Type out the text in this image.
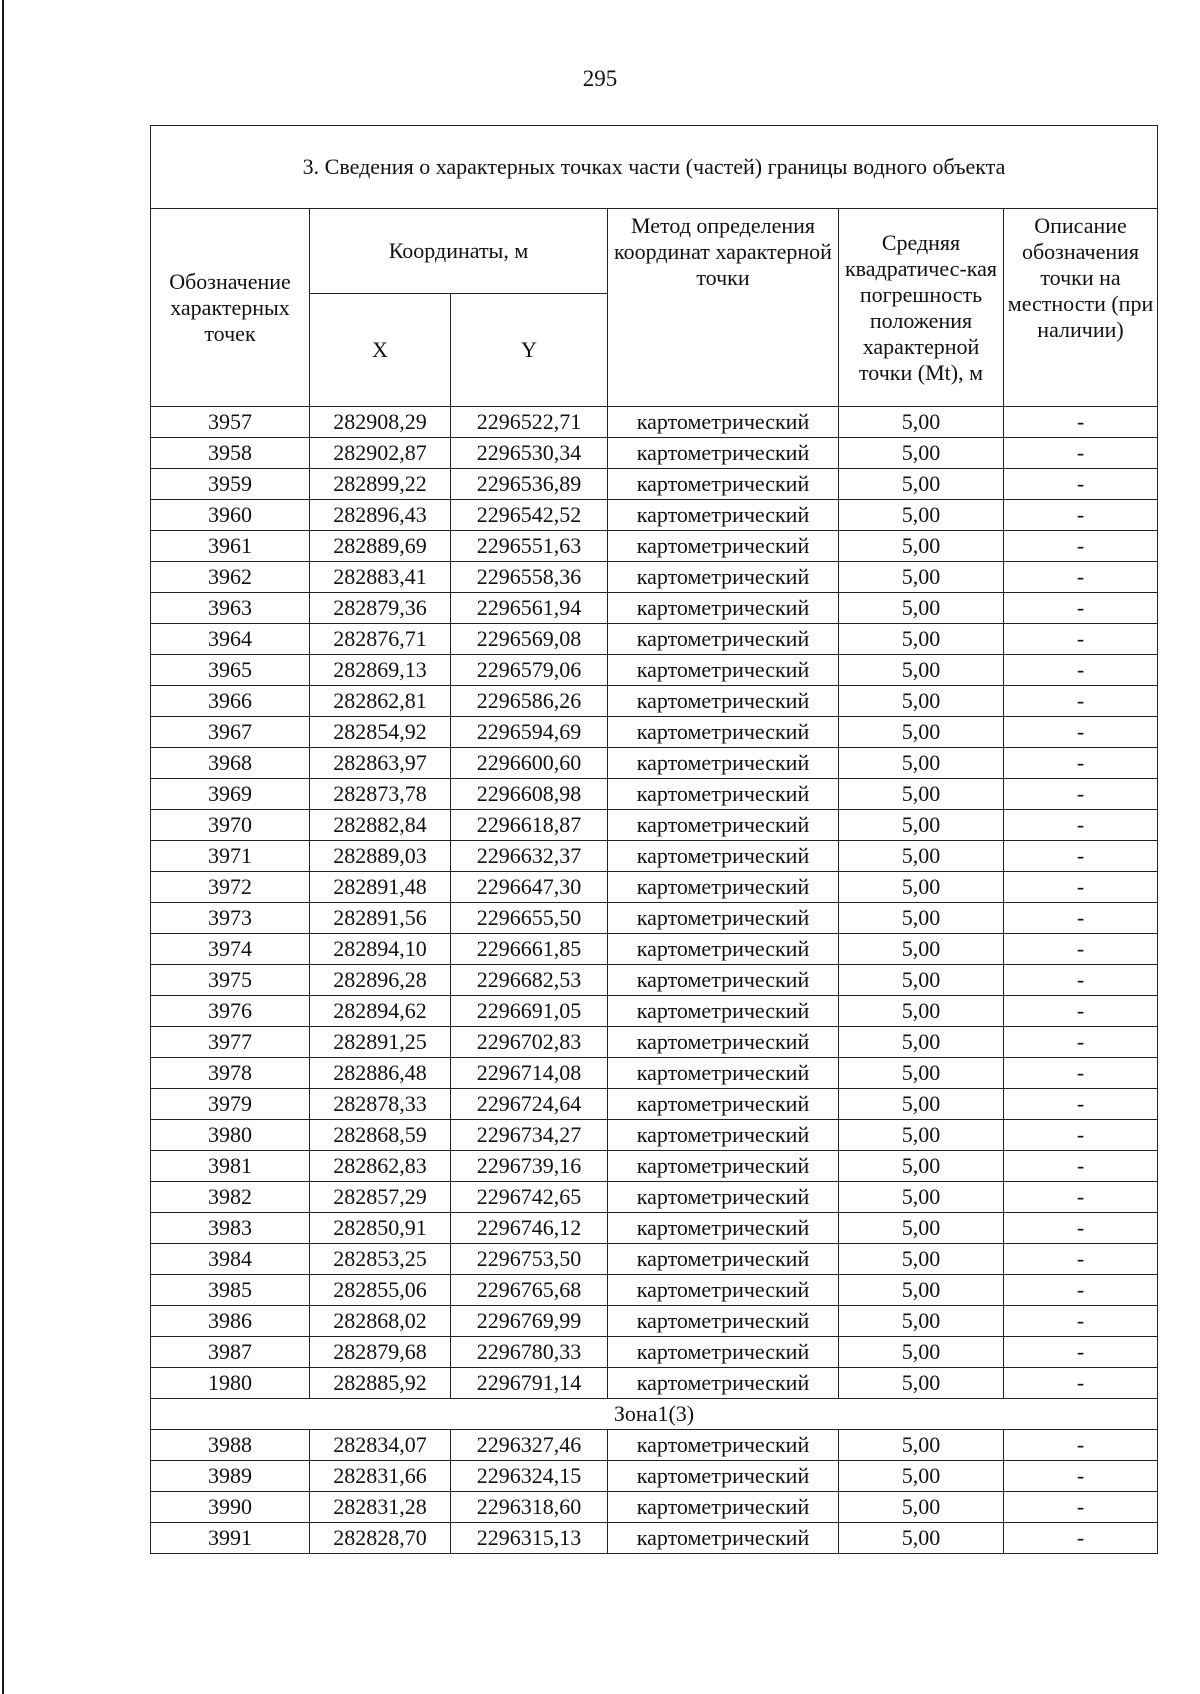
295
3. Сведения о характерных точках части (частей) границы водного объекта					
Обозначение характерных точек	Координаты, м		Метод определения координат характерной точки	Средняя квадратичес-кая погрешность положения характерной точки (Mt), м	Описание обозначения точки на местности (при наличии)
	X	Y			
3957	282908,29	2296522,71	картометрический	5,00	-
3958	282902,87	2296530,34	картометрический	5,00	-
3959	282899,22	2296536,89	картометрический	5,00	-
3960	282896,43	2296542,52	картометрический	5,00	-
3961	282889,69	2296551,63	картометрический	5,00	-
3962	282883,41	2296558,36	картометрический	5,00	-
3963	282879,36	2296561,94	картометрический	5,00	-
3964	282876,71	2296569,08	картометрический	5,00	-
3965	282869,13	2296579,06	картометрический	5,00	-
3966	282862,81	2296586,26	картометрический	5,00	-
3967	282854,92	2296594,69	картометрический	5,00	-
3968	282863,97	2296600,60	картометрический	5,00	-
3969	282873,78	2296608,98	картометрический	5,00	-
3970	282882,84	2296618,87	картометрический	5,00	-
3971	282889,03	2296632,37	картометрический	5,00	-
3972	282891,48	2296647,30	картометрический	5,00	-
3973	282891,56	2296655,50	картометрический	5,00	-
3974	282894,10	2296661,85	картометрический	5,00	-
3975	282896,28	2296682,53	картометрический	5,00	-
3976	282894,62	2296691,05	картометрический	5,00	-
3977	282891,25	2296702,83	картометрический	5,00	-
3978	282886,48	2296714,08	картометрический	5,00	-
3979	282878,33	2296724,64	картометрический	5,00	-
3980	282868,59	2296734,27	картометрический	5,00	-
3981	282862,83	2296739,16	картометрический	5,00	-
3982	282857,29	2296742,65	картометрический	5,00	-
3983	282850,91	2296746,12	картометрический	5,00	-
3984	282853,25	2296753,50	картометрический	5,00	-
3985	282855,06	2296765,68	картометрический	5,00	-
3986	282868,02	2296769,99	картометрический	5,00	-
3987	282879,68	2296780,33	картометрический	5,00	-
1980	282885,92	2296791,14	картометрический	5,00	-
Зона1(3)					
3988	282834,07	2296327,46	картометрический	5,00	-
3989	282831,66	2296324,15	картометрический	5,00	-
3990	282831,28	2296318,60	картометрический	5,00	-
3991	282828,70	2296315,13	картометрический	5,00	-
